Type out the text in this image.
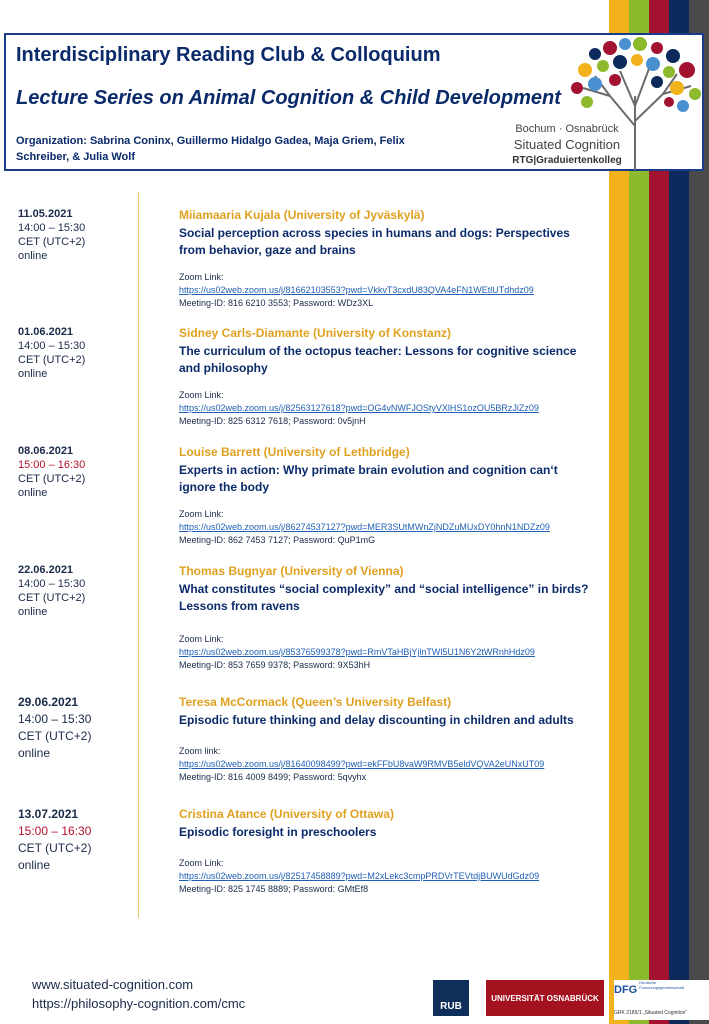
Interdisciplinary Reading Club & Colloquium
Lecture Series on Animal Cognition & Child Development

Organization: Sabrina Coninx, Guillermo Hidalgo Gadea, Maja Griem, Felix Schreiber, & Julia Wolf

Bochum · Osnabrück
Situated Cognition
RTG|Graduiertenkolleg
11.05.2021
14:00 – 15:30
CET (UTC+2)
online
Miiamaaria Kujala (University of Jyväskylä)
Social perception across species in humans and dogs: Perspectives from behavior, gaze and brains
Zoom Link:
https://us02web.zoom.us/j/81662103553?pwd=VkkvT3cxdU83QVA4eFN1WEtlUTdhdz09
Meeting-ID: 816 6210 3553; Password: WDz3XL
01.06.2021
14:00 – 15:30
CET (UTC+2)
online
Sidney Carls-Diamante (University of Konstanz)
The curriculum of the octopus teacher: Lessons for cognitive science and philosophy
Zoom Link:
https://us02web.zoom.us/j/82563127618?pwd=OG4vNWFJOStyVXlHS1ozOU5BRzJiZz09
Meeting-ID: 825 6312 7618; Password: 0v5jnH
08.06.2021
15:00 – 16:30
CET (UTC+2)
online
Louise Barrett (University of Lethbridge)
Experts in action: Why primate brain evolution and cognition can‘t ignore the body
Zoom Link:
https://us02web.zoom.us/j/86274537127?pwd=MER3SUtMWnZjNDZuMUxDY0hnN1NDZz09
Meeting-ID: 862 7453 7127; Password: QuP1mG
22.06.2021
14:00 – 15:30
CET (UTC+2)
online
Thomas Bugnyar (University of Vienna)
What constitutes “social complexity” and “social intelligence” in birds? Lessons from ravens
Zoom Link:
https://us02web.zoom.us/j/85376599378?pwd=RmVTaHBjYjlnTWl5U1N6Y2tWRnhHdz09
Meeting-ID: 853 7659 9378; Password: 9X53hH
29.06.2021
14:00 – 15:30
CET (UTC+2)
online
Teresa McCormack (Queen’s University Belfast)
Episodic future thinking and delay discounting in children and adults
Zoom link:
https://us02web.zoom.us/j/81640098499?pwd=ekFFbU8vaW9RMVB5eldVQVA2eUNxUT09
Meeting-ID: 816 4009 8499; Password: 5qvyhx
13.07.2021
15:00 – 16:30
CET (UTC+2)
online
Cristina Atance (University of Ottawa)
Episodic foresight in preschoolers
Zoom Link:
https://us02web.zoom.us/j/82517458889?pwd=M2xLekc3cmpPRDVrTEVtdjBUWUdGdz09
Meeting-ID: 825 1745 8889; Password: GMtEf8
www.situated-cognition.com
https://philosophy-cognition.com/cmc	RUB
UNIVERSITÄT OSNABRÜCK
DFGDeutsche Forschungsgemeinschaft
GRK 2185/1 „Situated Cognition“
